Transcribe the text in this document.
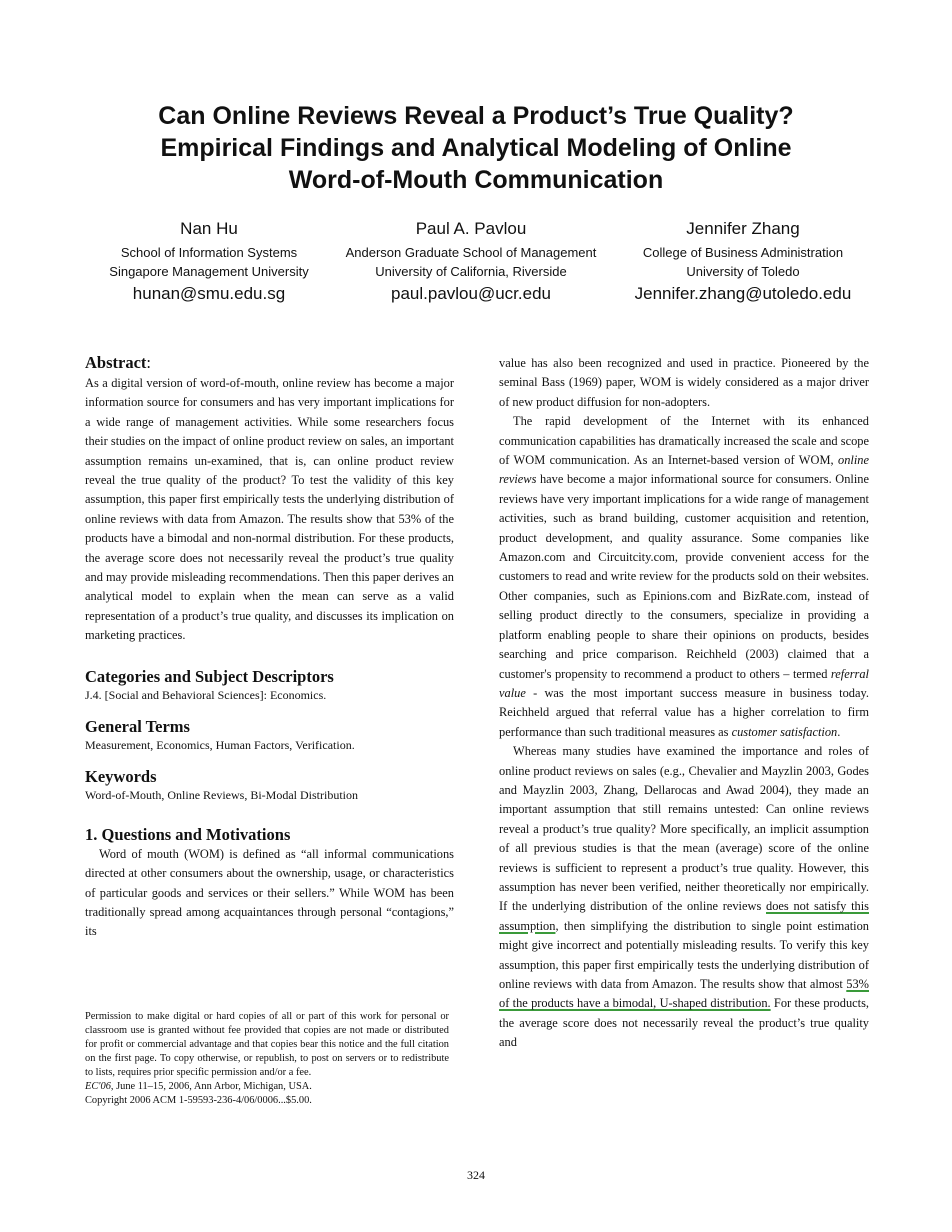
Can Online Reviews Reveal a Product’s True Quality?
Empirical Findings and Analytical Modeling of Online
Word-of-Mouth Communication
Nan Hu
School of Information Systems
Singapore Management University
hunan@smu.edu.sg
Paul A. Pavlou
Anderson Graduate School of Management
University of California, Riverside
paul.pavlou@ucr.edu
Jennifer Zhang
College of Business Administration
University of Toledo
Jennifer.zhang@utoledo.edu
Abstract:

As a digital version of word-of-mouth, online review has become a major information source for consumers and has very important implications for a wide range of management activities. While some researchers focus their studies on the impact of online product review on sales, an important assumption remains un-examined, that is, can online product review reveal the true quality of the product? To test the validity of this key assumption, this paper first empirically tests the underlying distribution of online reviews with data from Amazon. The results show that 53% of the products have a bimodal and non-normal distribution. For these products, the average score does not necessarily reveal the product’s true quality and may provide misleading recommendations. Then this paper derives an analytical model to explain when the mean can serve as a valid representation of a product’s true quality, and discusses its implication on marketing practices.

Categories and Subject Descriptors

J.4. [Social and Behavioral Sciences]: Economics.

General Terms

Measurement, Economics, Human Factors, Verification.

Keywords

Word-of-Mouth, Online Reviews, Bi-Modal Distribution

1. Questions and Motivations

Word of mouth (WOM) is defined as “all informal communications directed at other consumers about the ownership, usage, or characteristics of particular goods and services or their sellers.” While WOM has been traditionally spread among acquaintances through personal “contagions,” its

Permission to make digital or hard copies of all or part of this work for personal or classroom use is granted without fee provided that copies are not made or distributed for profit or commercial advantage and that copies bear this notice and the full citation on the first page. To copy otherwise, or republish, to post on servers or to redistribute to lists, requires prior specific permission and/or a fee.
EC'06, June 11–15, 2006, Ann Arbor, Michigan, USA.
Copyright 2006 ACM 1-59593-236-4/06/0006...$5.00.

value has also been recognized and used in practice. Pioneered by the seminal Bass (1969) paper, WOM is widely considered as a major driver of new product diffusion for non-adopters.

The rapid development of the Internet with its enhanced communication capabilities has dramatically increased the scale and scope of WOM communication. As an Internet-based version of WOM, online reviews have become a major informational source for consumers. Online reviews have very important implications for a wide range of management activities, such as brand building, customer acquisition and retention, product development, and quality assurance. Some companies like Amazon.com and Circuitcity.com, provide convenient access for the customers to read and write review for the products sold on their websites. Other companies, such as Epinions.com and BizRate.com, instead of selling product directly to the consumers, specialize in providing a platform enabling people to share their opinions on products, besides searching and price comparison. Reichheld (2003) claimed that a customer's propensity to recommend a product to others – termed referral value - was the most important success measure in business today. Reichheld argued that referral value has a higher correlation to firm performance than such traditional measures as customer satisfaction.

Whereas many studies have examined the importance and roles of online product reviews on sales (e.g., Chevalier and Mayzlin 2003, Godes and Mayzlin 2003, Zhang, Dellarocas and Awad 2004), they made an important assumption that still remains untested: Can online reviews reveal a product’s true quality? More specifically, an implicit assumption of all previous studies is that the mean (average) score of the online reviews is sufficient to represent a product’s true quality. However, this assumption has never been verified, neither theoretically nor empirically. If the underlying distribution of the online reviews does not satisfy this assumption, then simplifying the distribution to single point estimation might give incorrect and potentially misleading results. To verify this key assumption, this paper first empirically tests the underlying distribution of online reviews with data from Amazon. The results show that almost 53% of the products have a bimodal, U-shaped distribution. For these products, the average score does not necessarily reveal the product’s true quality and

324
